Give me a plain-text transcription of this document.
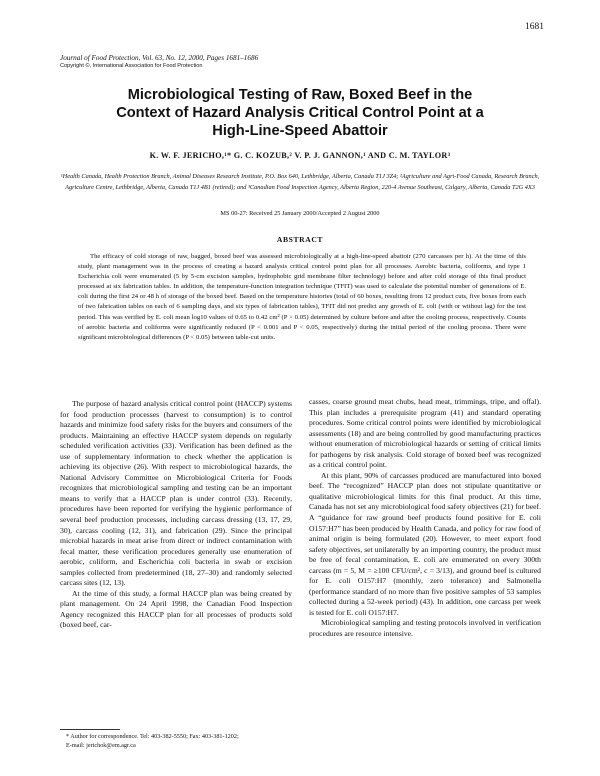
1681
Journal of Food Protection, Vol. 63, No. 12, 2000, Pages 1681–1686
Copyright ©, International Association for Food Protection
Microbiological Testing of Raw, Boxed Beef in the
Context of Hazard Analysis Critical Control Point at a
High-Line-Speed Abattoir
K. W. F. JERICHO,¹* G. C. KOZUB,² V. P. J. GANNON,¹ AND C. M. TAYLOR³
¹Health Canada, Health Protection Branch, Animal Diseases Research Institute, P.O. Box 640, Lethbridge, Alberta, Canada T1J 3Z4; ²Agriculture and Agri-Food Canada, Research Branch, Agriculture Centre, Lethbridge, Alberta, Canada T1J 4B1 (retired); and ³Canadian Food Inspection Agency, Alberta Region, 220-4 Avenue Southeast, Calgary, Alberta, Canada T2G 4X3
MS 00-27: Received 25 January 2000/Accepted 2 August 2000
ABSTRACT
The efficacy of cold storage of raw, bagged, boxed beef was assessed microbiologically at a high-line-speed abattoir (270 carcasses per h). At the time of this study, plant management was in the process of creating a hazard analysis critical control point plan for all processes. Aerobic bacteria, coliforms, and type 1 Escherichia coli were enumerated (5 by 5-cm excision samples, hydrophobic grid membrane filter technology) before and after cold storage of this final product processed at six fabrication tables. In addition, the temperature-function integration technique (TFIT) was used to calculate the potential number of generations of E. coli during the first 24 or 48 h of storage of the boxed beef. Based on the temperature histories (total of 60 boxes, resulting from 12 product cuts, five boxes from each of two fabrication tables on each of 6 sampling days, and six types of fabrication tables), TFIT did not predict any growth of E. coli (with or without lag) for the test period. This was verified by E. coli mean log10 values of 0.65 to 0.42 cm² (P > 0.05) determined by culture before and after the cooling process, respectively. Counts of aerobic bacteria and coliforms were significantly reduced (P < 0.001 and P < 0.05, respectively) during the initial period of the cooling process. There were significant microbiological differences (P < 0.05) between table-cut units.

The purpose of hazard analysis critical control point (HACCP) systems for food production processes (harvest to consumption) is to control hazards and minimize food safety risks for the buyers and consumers of the products. Maintaining an effective HACCP system depends on regularly scheduled verification activities (33). Verification has been defined as the use of supplementary information to check whether the application is achieving its objective (26). With respect to microbiological hazards, the National Advisory Committee on Microbiological Criteria for Foods recognizes that microbiological sampling and testing can be an important means to verify that a HACCP plan is under control (33). Recently, procedures have been reported for verifying the hygienic performance of several beef production processes, including carcass dressing (13, 17, 29, 30), carcass cooling (12, 31), and fabrication (29). Since the principal microbial hazards in meat arise from direct or indirect contamination with fecal matter, these verification procedures generally use enumeration of aerobic, coliform, and Escherichia coli bacteria in swab or excision samples collected from predetermined (18, 27–30) and randomly selected carcass sites (12, 13).

At the time of this study, a formal HACCP plan was being created by plant management. On 24 April 1998, the Canadian Food Inspection Agency recognized this HACCP plan for all processes of products sold (boxed beef, car-

casses, coarse ground meat chubs, head meat, trimmings, tripe, and offal). This plan includes a prerequisite program (41) and standard operating procedures. Some critical control points were identified by microbiological assessments (18) and are being controlled by good manufacturing practices without enumeration of microbiological hazards or setting of critical limits for pathogens by risk analysis. Cold storage of boxed beef was recognized as a critical control point.

At this plant, 90% of carcasses produced are manufactured into boxed beef. The “recognized” HACCP plan does not stipulate quantitative or qualitative microbiological limits for this final product. At this time, Canada has not set any microbiological food safety objectives (21) for beef. A “guidance for raw ground beef products found positive for E. coli O157:H7” has been produced by Health Canada, and policy for raw food of animal origin is being formulated (20). However, to meet export food safety objectives, set unilaterally by an importing country, the product must be free of fecal contamination, E. coli are enumerated on every 300th carcass (m = 5, M = ≥100 CFU/cm², c = 3/13), and ground beef is cultured for E. coli O157:H7 (monthly, zero tolerance) and Salmonella (performance standard of no more than five positive samples of 53 samples collected during a 52-week period) (43). In addition, one carcass per week is tested for E. coli O157:H7.

Microbiological sampling and testing protocols involved in verification procedures are resource intensive.

* Author for correspondence. Tel: 403-382-5550; Fax: 403-381-1202;
E-mail: jerichok@em.agr.ca
